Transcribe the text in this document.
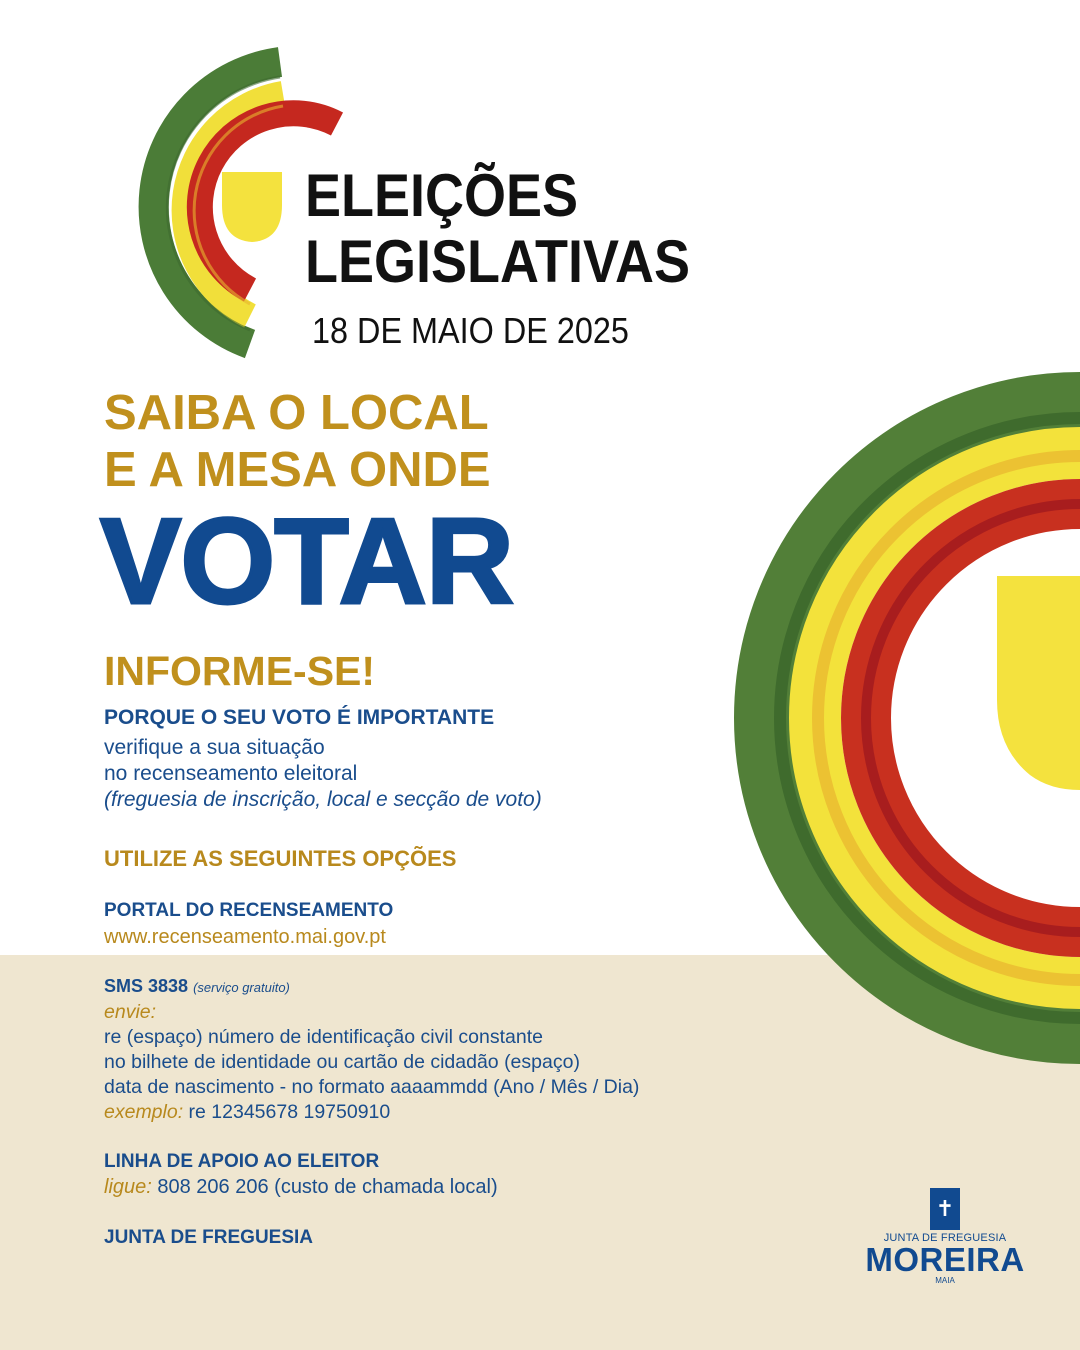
ELEIÇÕES
LEGISLATIVAS
18 DE MAIO DE 2025
SAIBA O LOCAL
E A MESA ONDE
VOTAR
INFORME-SE!
PORQUE O SEU VOTO É IMPORTANTE
verifique a sua situação
no recenseamento eleitoral
(freguesia de inscrição, local e secção de voto)
UTILIZE AS SEGUINTES OPÇÕES
PORTAL DO RECENSEAMENTO
www.recenseamento.mai.gov.pt
SMS 3838 (serviço gratuito)
envie:
re (espaço) número de identificação civil constante
no bilhete de identidade ou cartão de cidadão (espaço)
data de nascimento - no formato aaaammdd (Ano / Mês / Dia)
exemplo: re 12345678 19750910
LINHA DE APOIO AO ELEITOR
ligue: 808 206 206 (custo de chamada local)
JUNTA DE FREGUESIA
✝
JUNTA DE FREGUESIA
MOREIRA
MAIA
